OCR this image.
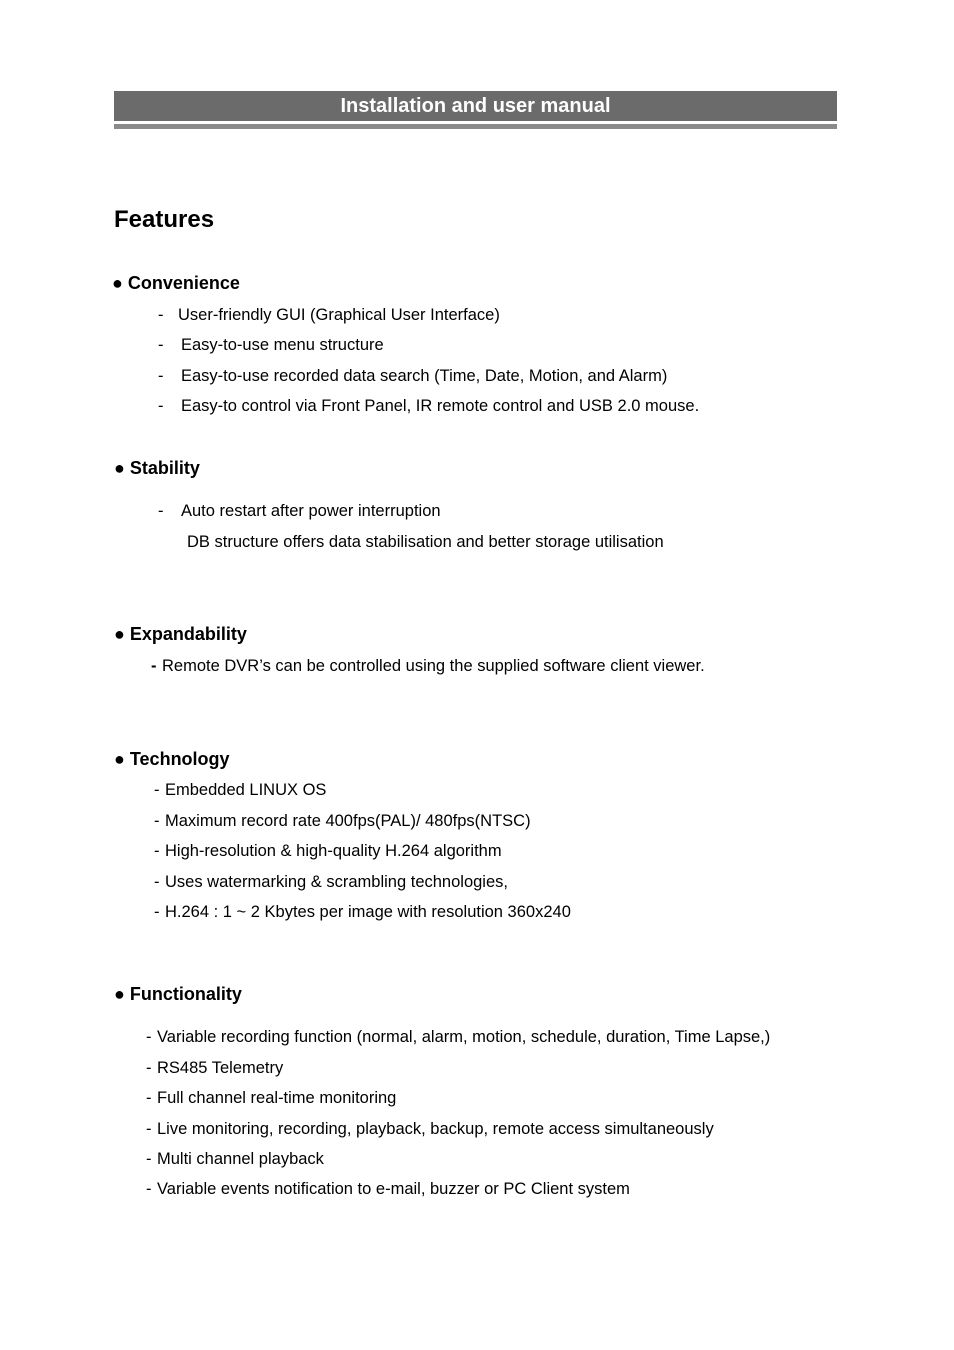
Installation and user manual
Features
● Convenience
- User-friendly GUI (Graphical User Interface)
- Easy-to-use menu structure
- Easy-to-use recorded data search (Time, Date, Motion, and Alarm)
- Easy-to control via Front Panel, IR remote control and USB 2.0 mouse.
● Stability
- Auto restart after power interruption
DB structure offers data stabilisation and better storage utilisation
● Expandability
- Remote DVR’s can be controlled using the supplied software client viewer.
● Technology
- Embedded LINUX OS
- Maximum record rate 400fps(PAL)/ 480fps(NTSC)
- High-resolution & high-quality H.264 algorithm
- Uses watermarking & scrambling technologies,
- H.264 : 1 ~ 2 Kbytes per image with resolution 360x240
● Functionality
- Variable recording function (normal, alarm, motion, schedule, duration, Time Lapse,)
- RS485 Telemetry
- Full channel real-time monitoring
- Live monitoring, recording, playback, backup, remote access simultaneously
- Multi channel playback
- Variable events notification to e-mail, buzzer or PC Client system
